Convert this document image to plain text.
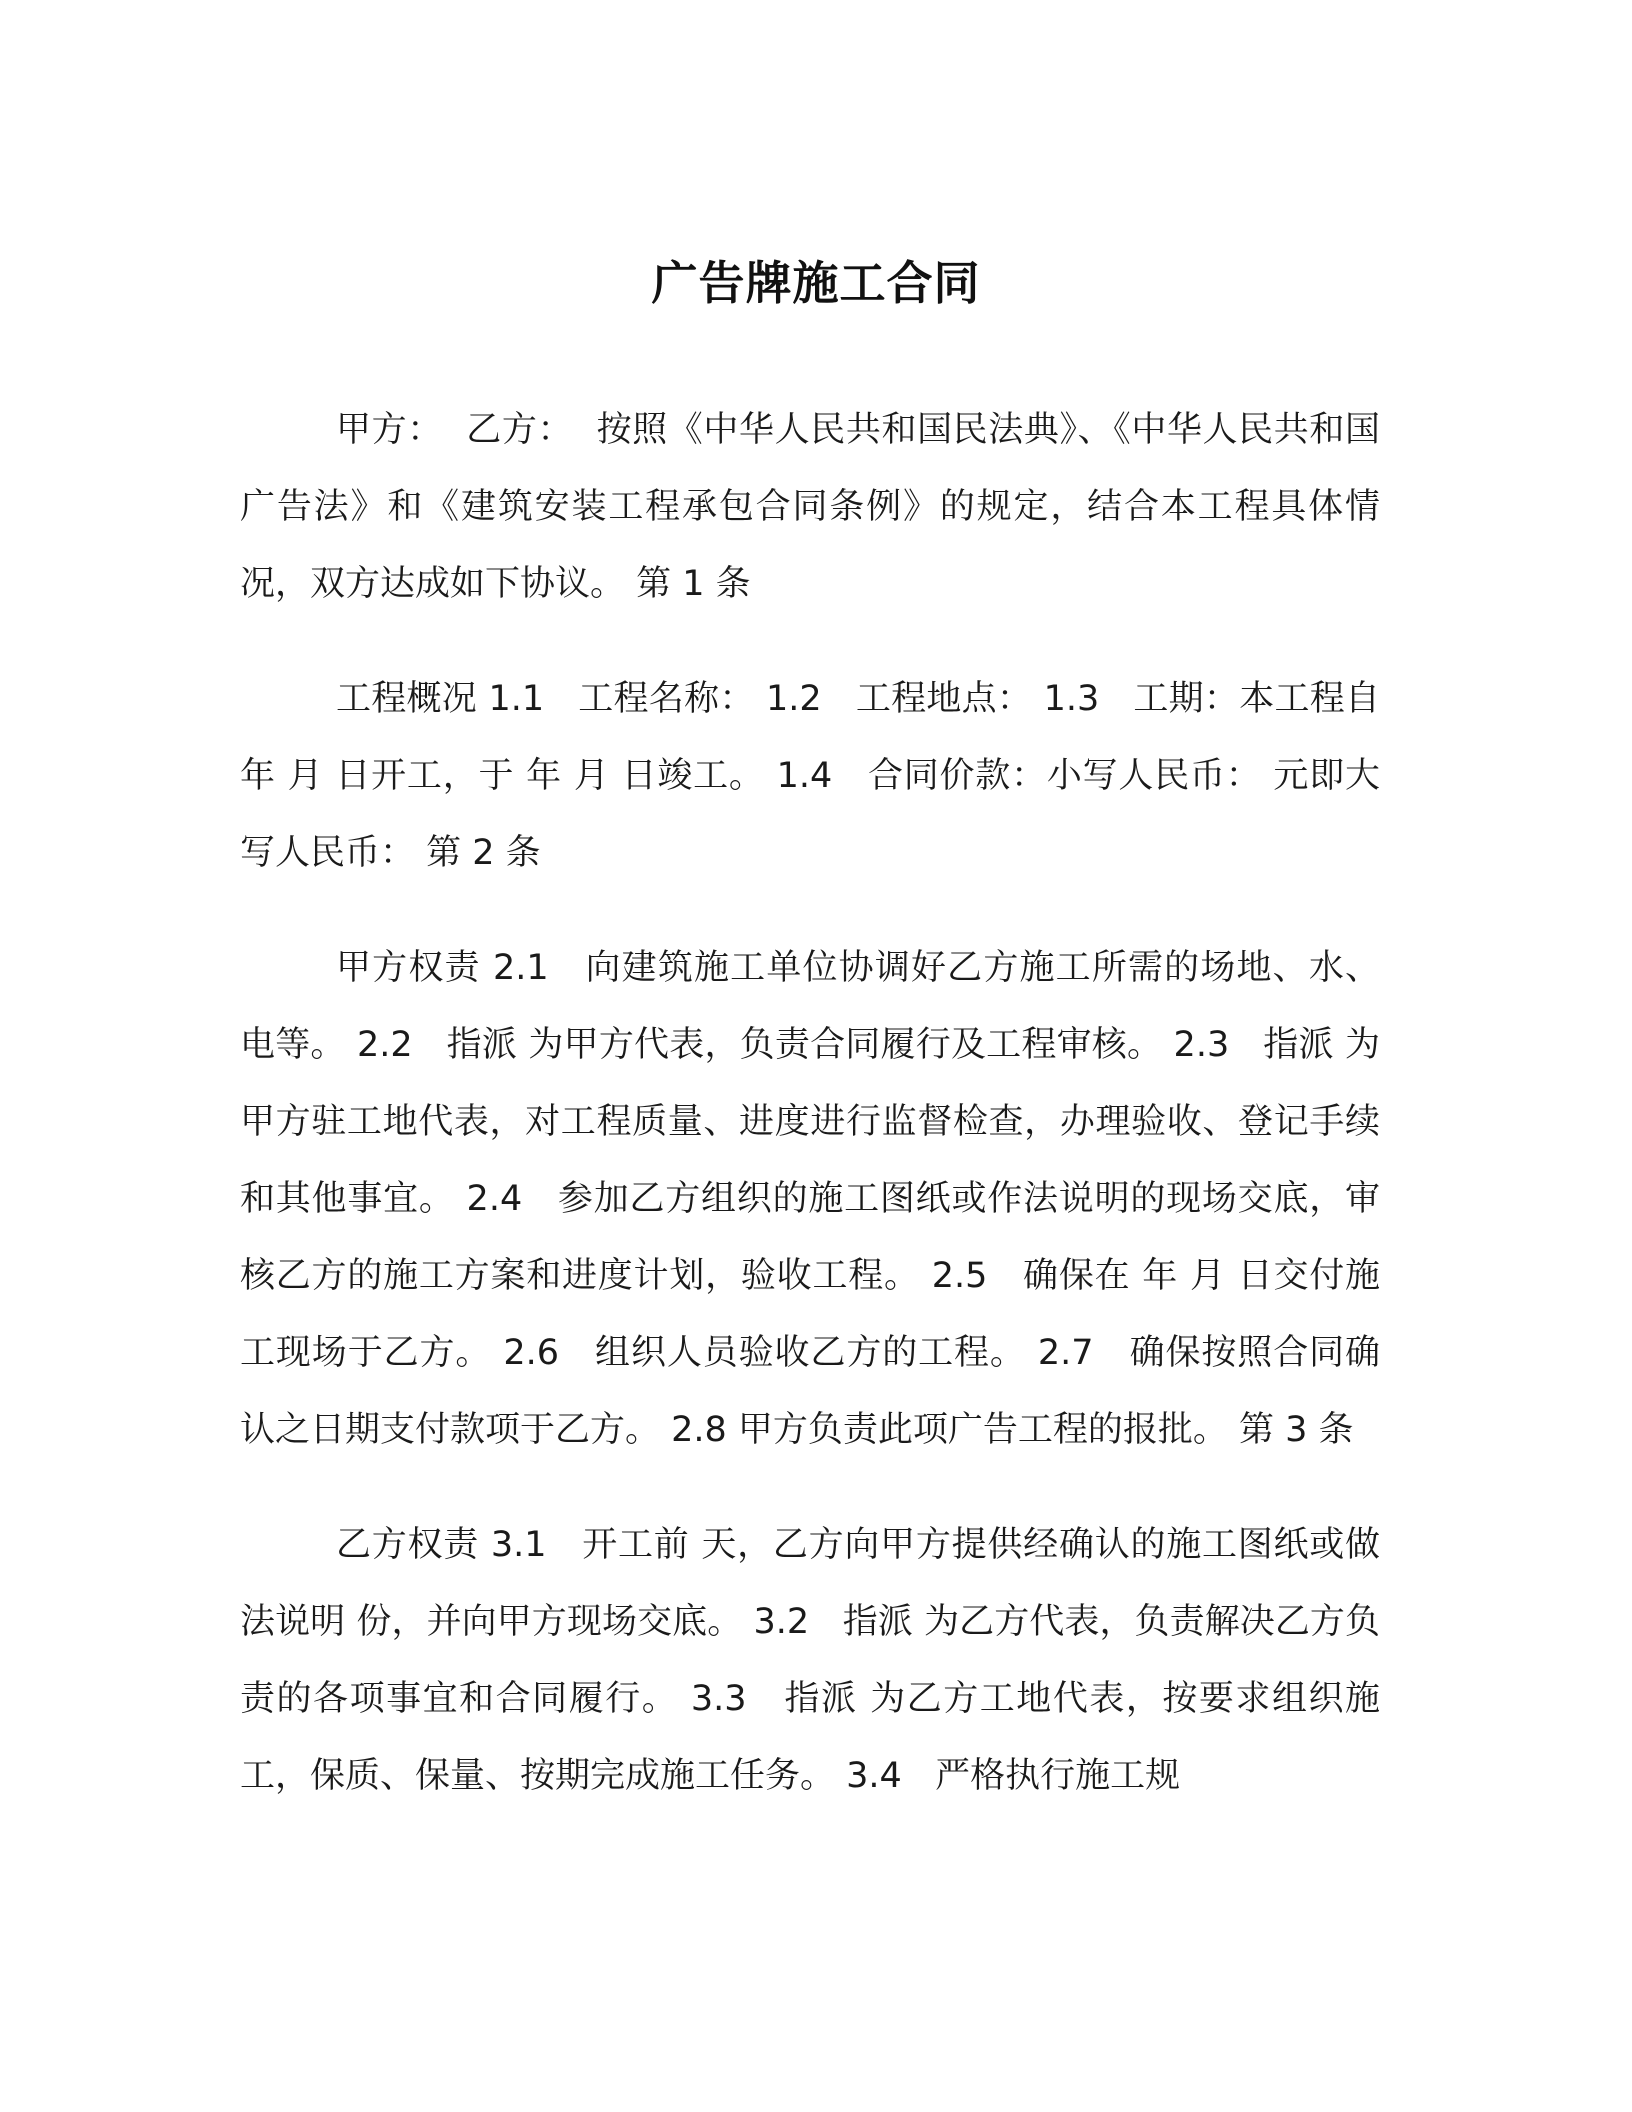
广告牌施工合同

甲方：  乙方：  按照《中华人民共和国民法典》、《中华人民共和国广告法》和《建筑安装工程承包合同条例》的规定，结合本工程具体情况，双方达成如下协议。 第 1 条

工程概况 1.1   工程名称： 1.2   工程地点： 1.3   工期：本工程自 年 月 日开工，于 年 月 日竣工。 1.4   合同价款：小写人民币： 元即大写人民币： 第 2 条

甲方权责 2.1   向建筑施工单位协调好乙方施工所需的场地、水、电等。 2.2   指派 为甲方代表，负责合同履行及工程审核。 2.3   指派 为甲方驻工地代表，对工程质量、进度进行监督检查，办理验收、登记手续和其他事宜。 2.4   参加乙方组织的施工图纸或作法说明的现场交底，审核乙方的施工方案和进度计划，验收工程。 2.5   确保在 年 月 日交付施工现场于乙方。 2.6   组织人员验收乙方的工程。 2.7   确保按照合同确认之日期支付款项于乙方。 2.8 甲方负责此项广告工程的报批。 第 3 条

乙方权责 3.1   开工前 天，乙方向甲方提供经确认的施工图纸或做法说明 份，并向甲方现场交底。 3.2   指派 为乙方代表，负责解决乙方负责的各项事宜和合同履行。 3.3   指派 为乙方工地代表，按要求组织施工，保质、保量、按期完成施工任务。 3.4   严格执行施工规
